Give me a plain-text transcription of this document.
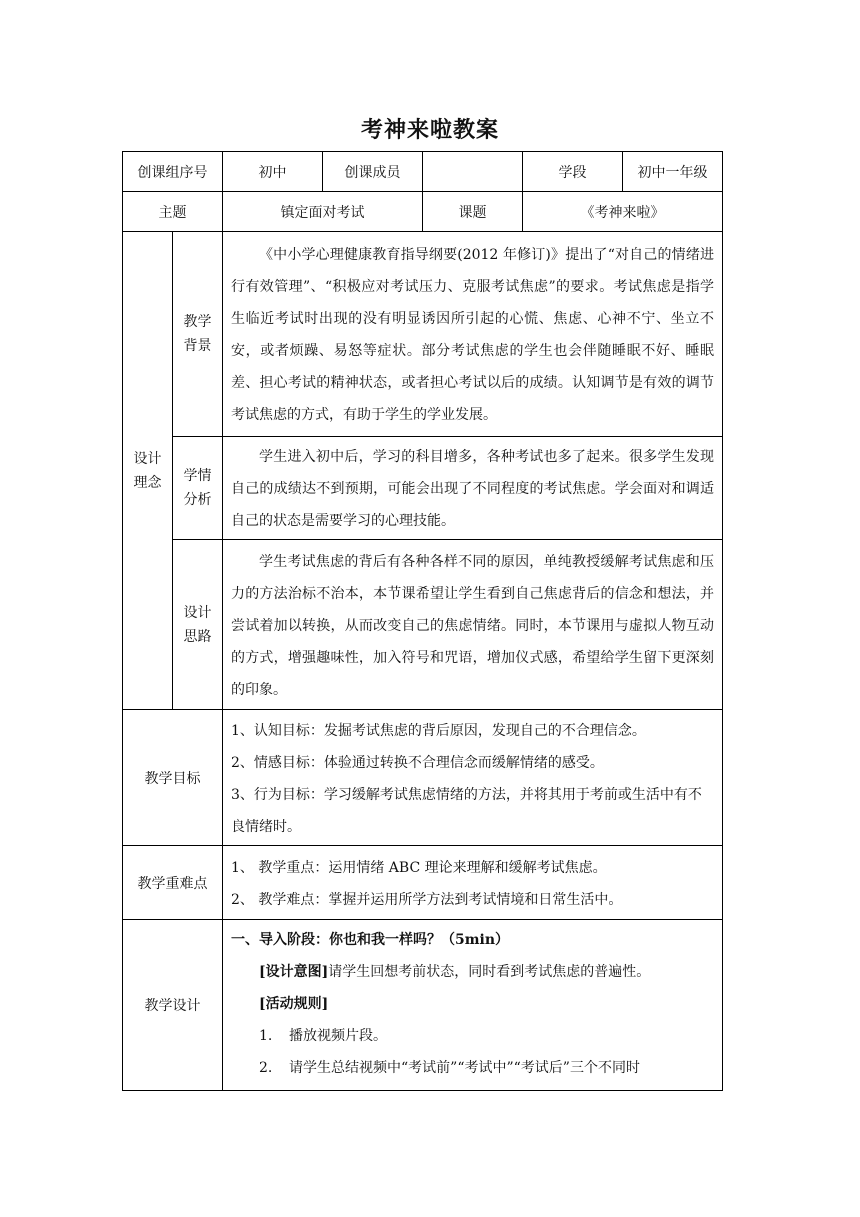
考神来啦教案
创课组序号		初中	创课成员		学段	初中一年级
主题		镇定面对考试		课题	《考神来啦》	

设计理念	教学背景	《中小学心理健康教育指导纲要(2012 年修订)》提出了“对自己的情绪进行有效管理”、“积极应对考试压力、克服考试焦虑”的要求。考试焦虑是指学生临近考试时出现的没有明显诱因所引起的心慌、焦虑、心神不宁、坐立不安，或者烦躁、易怒等症状。部分考试焦虑的学生也会伴随睡眠不好、睡眠差、担心考试的精神状态，或者担心考试以后的成绩。认知调节是有效的调节考试焦虑的方式，有助于学生的学业发展。				

	学情分析	学生进入初中后，学习的科目增多，各种考试也多了起来。很多学生发现自己的成绩达不到预期，可能会出现了不同程度的考试焦虑。学会面对和调适自己的状态是需要学习的心理技能。				

	设计思路	学生考试焦虑的背后有各种各样不同的原因，单纯教授缓解考试焦虑和压力的方法治标不治本，本节课希望让学生看到自己焦虑背后的信念和想法，并尝试着加以转换，从而改变自己的焦虑情绪。同时，本节课用与虚拟人物互动的方式，增强趣味性，加入符号和咒语，增加仪式感，希望给学生留下更深刻的印象。				
教学目标		1、认知目标：发掘考试焦虑的背后原因，发现自己的不合理信念。
2、情感目标：体验通过转换不合理信念而缓解情绪的感受。
3、行为目标：学习缓解考试焦虑情绪的方法，并将其用于考前或生活中有不良情绪时。				

教学重难点		1、 教学重点：运用情绪 ABC 理论来理解和缓解考试焦虑。
2、 教学难点：掌握并运用所学方法到考试情境和日常生活中。				

教学设计		一、导入阶段：你也和我一样吗？（5min）
[设计意图]请学生回想考前状态，同时看到考试焦虑的普遍性。
[活动规则]
1. 播放视频片段。
2. 请学生总结视频中“考试前”“考试中”“考试后”三个不同时				
